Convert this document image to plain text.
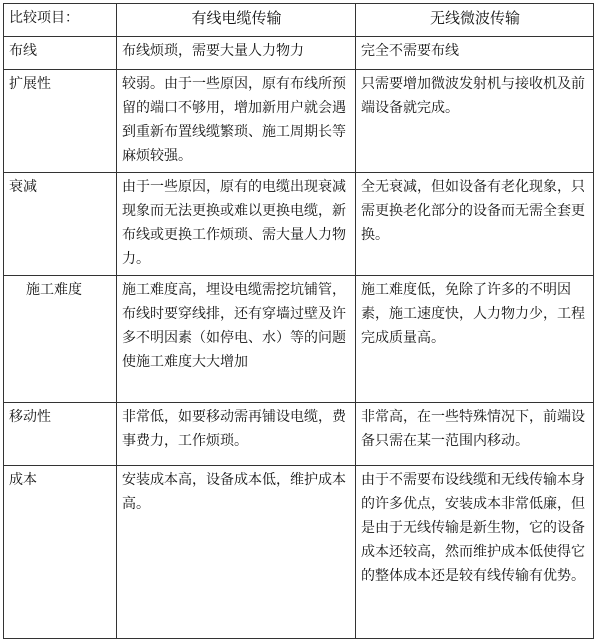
比较项目：	有线电缆传输	无线微波传输
布线	布线烦琐，需要大量人力物力	完全不需要布线
扩展性	较弱。由于一些原因，原有布线所预留的端口不够用，增加新用户就会遇到重新布置线缆繁琐、施工周期长等麻烦较强。	只需要增加微波发射机与接收机及前端设备就完成。
衰减	由于一些原因，原有的电缆出现衰减现象而无法更换或难以更换电缆，新布线或更换工作烦琐、需大量人力物力。	全无衰减，但如设备有老化现象，只需更换老化部分的设备而无需全套更换。
施工难度	施工难度高，埋设电缆需挖坑铺管，布线时要穿线排，还有穿墙过壁及许多不明因素（如停电、水）等的问题使施工难度大大增加	施工难度低，免除了许多的不明因素，施工速度快，人力物力少，工程完成质量高。
移动性	非常低，如要移动需再铺设电缆，费事费力，工作烦琐。	非常高，在一些特殊情况下，前端设备只需在某一范围内移动。
成本	安装成本高，设备成本低，维护成本高。	由于不需要布设线缆和无线传输本身的许多优点，安装成本非常低廉，但是由于无线传输是新生物，它的设备成本还较高，然而维护成本低使得它的整体成本还是较有线传输有优势。
